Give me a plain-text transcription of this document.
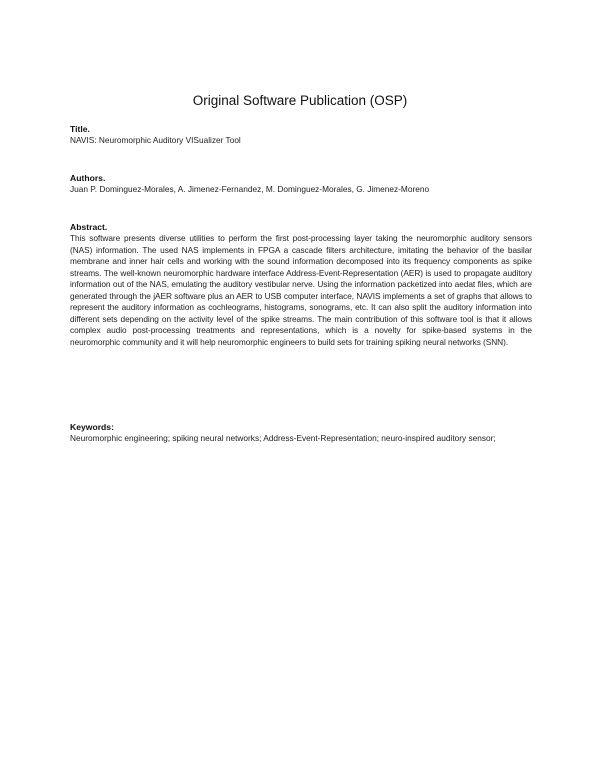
Original Software Publication (OSP)
Title.
NAVIS: Neuromorphic Auditory VISualizer Tool
Authors.
Juan P. Dominguez-Morales, A. Jimenez-Fernandez, M. Dominguez-Morales, G. Jimenez-Moreno
Abstract.
This software presents diverse utilities to perform the first post-processing layer taking the neuromorphic auditory sensors (NAS) information. The used NAS implements in FPGA a cascade filters architecture, imitating the behavior of the basilar membrane and inner hair cells and working with the sound information decomposed into its frequency components as spike streams. The well-known neuromorphic hardware interface Address-Event-Representation (AER) is used to propagate auditory information out of the NAS, emulating the auditory vestibular nerve. Using the information packetized into aedat files, which are generated through the jAER software plus an AER to USB computer interface, NAVIS implements a set of graphs that allows to represent the auditory information as cochleograms, histograms, sonograms, etc. It can also split the auditory information into different sets depending on the activity level of the spike streams. The main contribution of this software tool is that it allows complex audio post-processing treatments and representations, which is a novelty for spike-based systems in the neuromorphic community and it will help neuromorphic engineers to build sets for training spiking neural networks (SNN).
Keywords:
Neuromorphic engineering; spiking neural networks; Address-Event-Representation; neuro-inspired auditory sensor;
